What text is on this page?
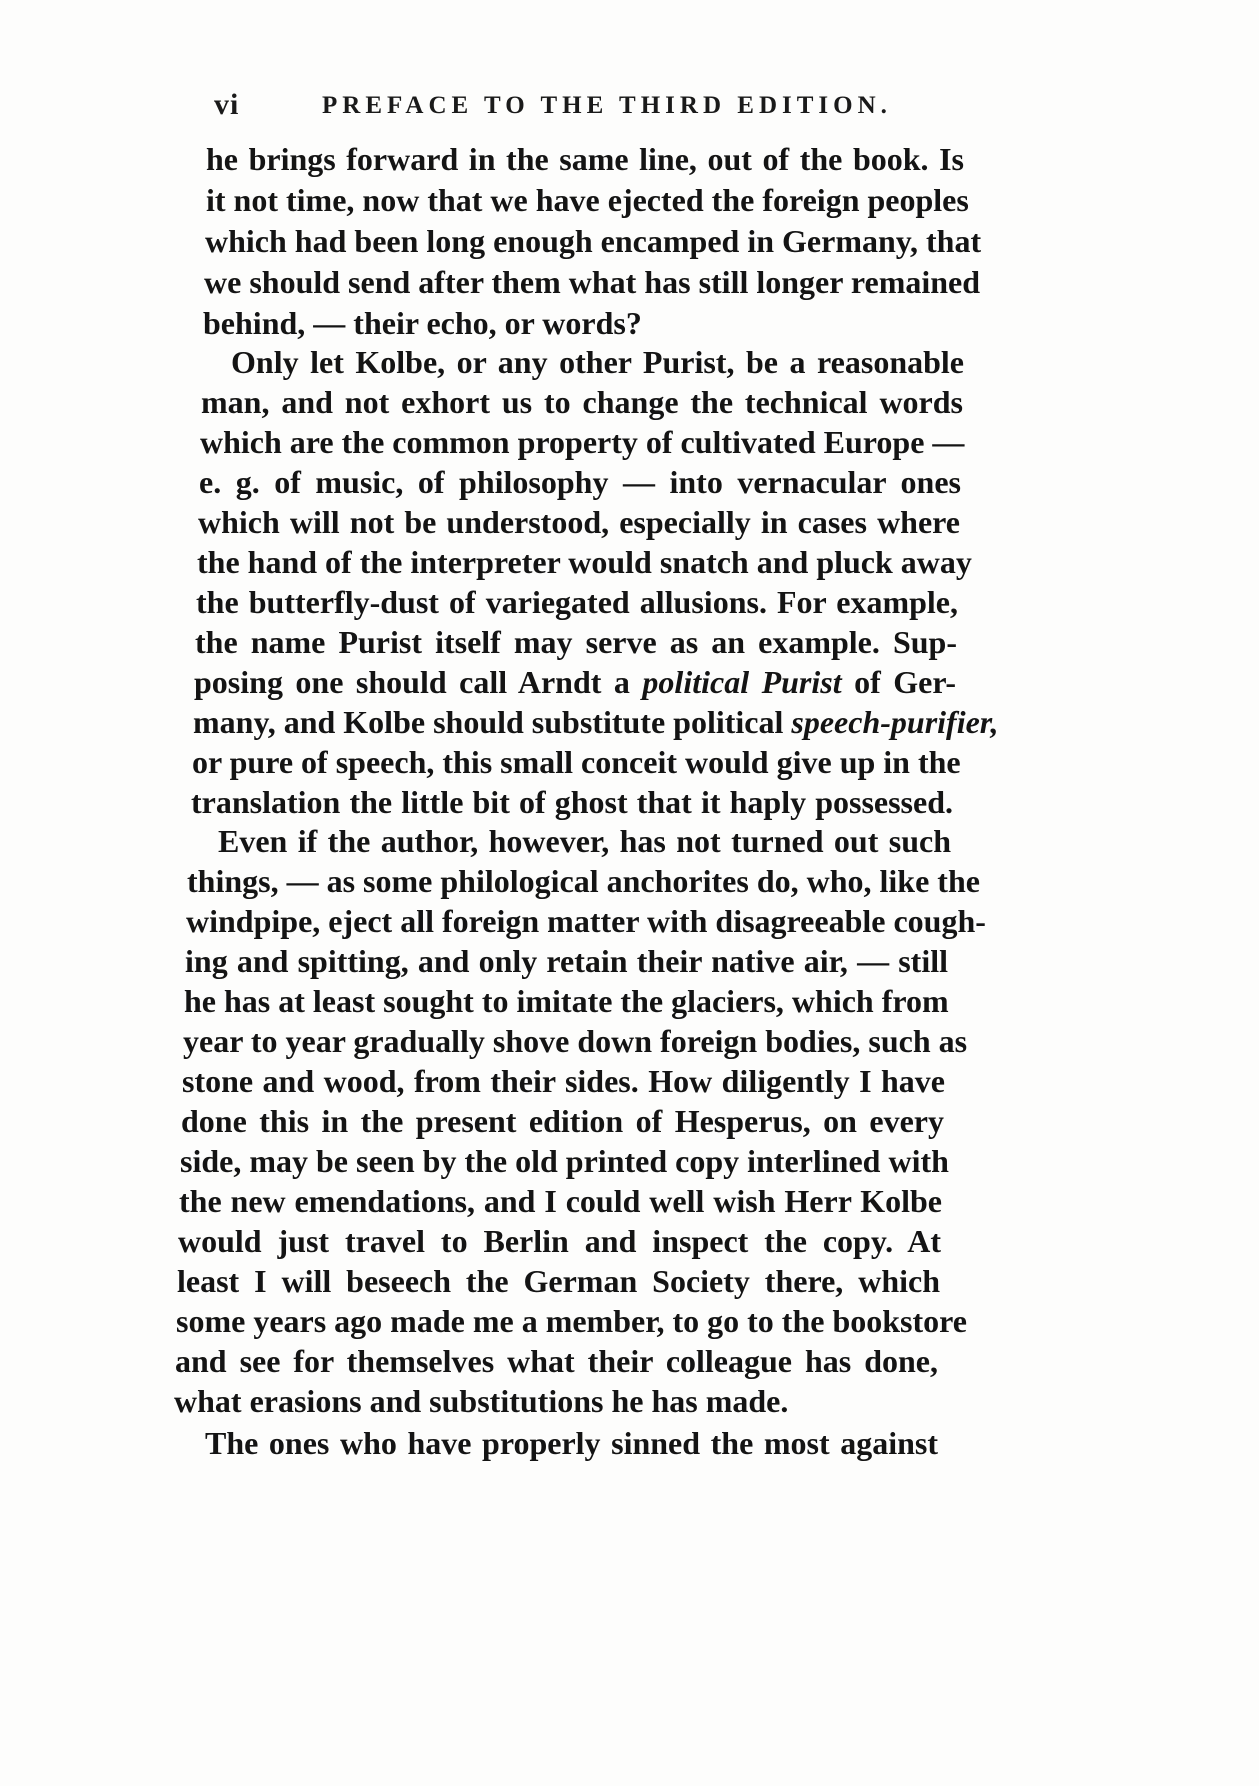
vi	PREFACE TO THE THIRD EDITION.
he brings forward in the same line, out of the book. Is
it not time, now that we have ejected the foreign peoples
which had been long enough encamped in Germany, that
we should send after them what has still longer remained
behind, — their echo, or words?
Only let Kolbe, or any other Purist, be a reasonable
man, and not exhort us to change the technical words
which are the common property of cultivated Europe —
e. g. of music, of philosophy — into vernacular ones
which will not be understood, especially in cases where
the hand of the interpreter would snatch and pluck away
the butterfly-dust of variegated allusions. For example,
the name Purist itself may serve as an example. Sup-
posing one should call Arndt a political Purist of Ger-
many, and Kolbe should substitute political speech-purifier,
or pure of speech, this small conceit would give up in the
translation the little bit of ghost that it haply possessed.
Even if the author, however, has not turned out such
things, — as some philological anchorites do, who, like the
windpipe, eject all foreign matter with disagreeable cough-
ing and spitting, and only retain their native air, — still
he has at least sought to imitate the glaciers, which from
year to year gradually shove down foreign bodies, such as
stone and wood, from their sides. How diligently I have
done this in the present edition of Hesperus, on every
side, may be seen by the old printed copy interlined with
the new emendations, and I could well wish Herr Kolbe
would just travel to Berlin and inspect the copy. At
least I will beseech the German Society there, which
some years ago made me a member, to go to the bookstore
and see for themselves what their colleague has done,
what erasions and substitutions he has made.
The ones who have properly sinned the most against
